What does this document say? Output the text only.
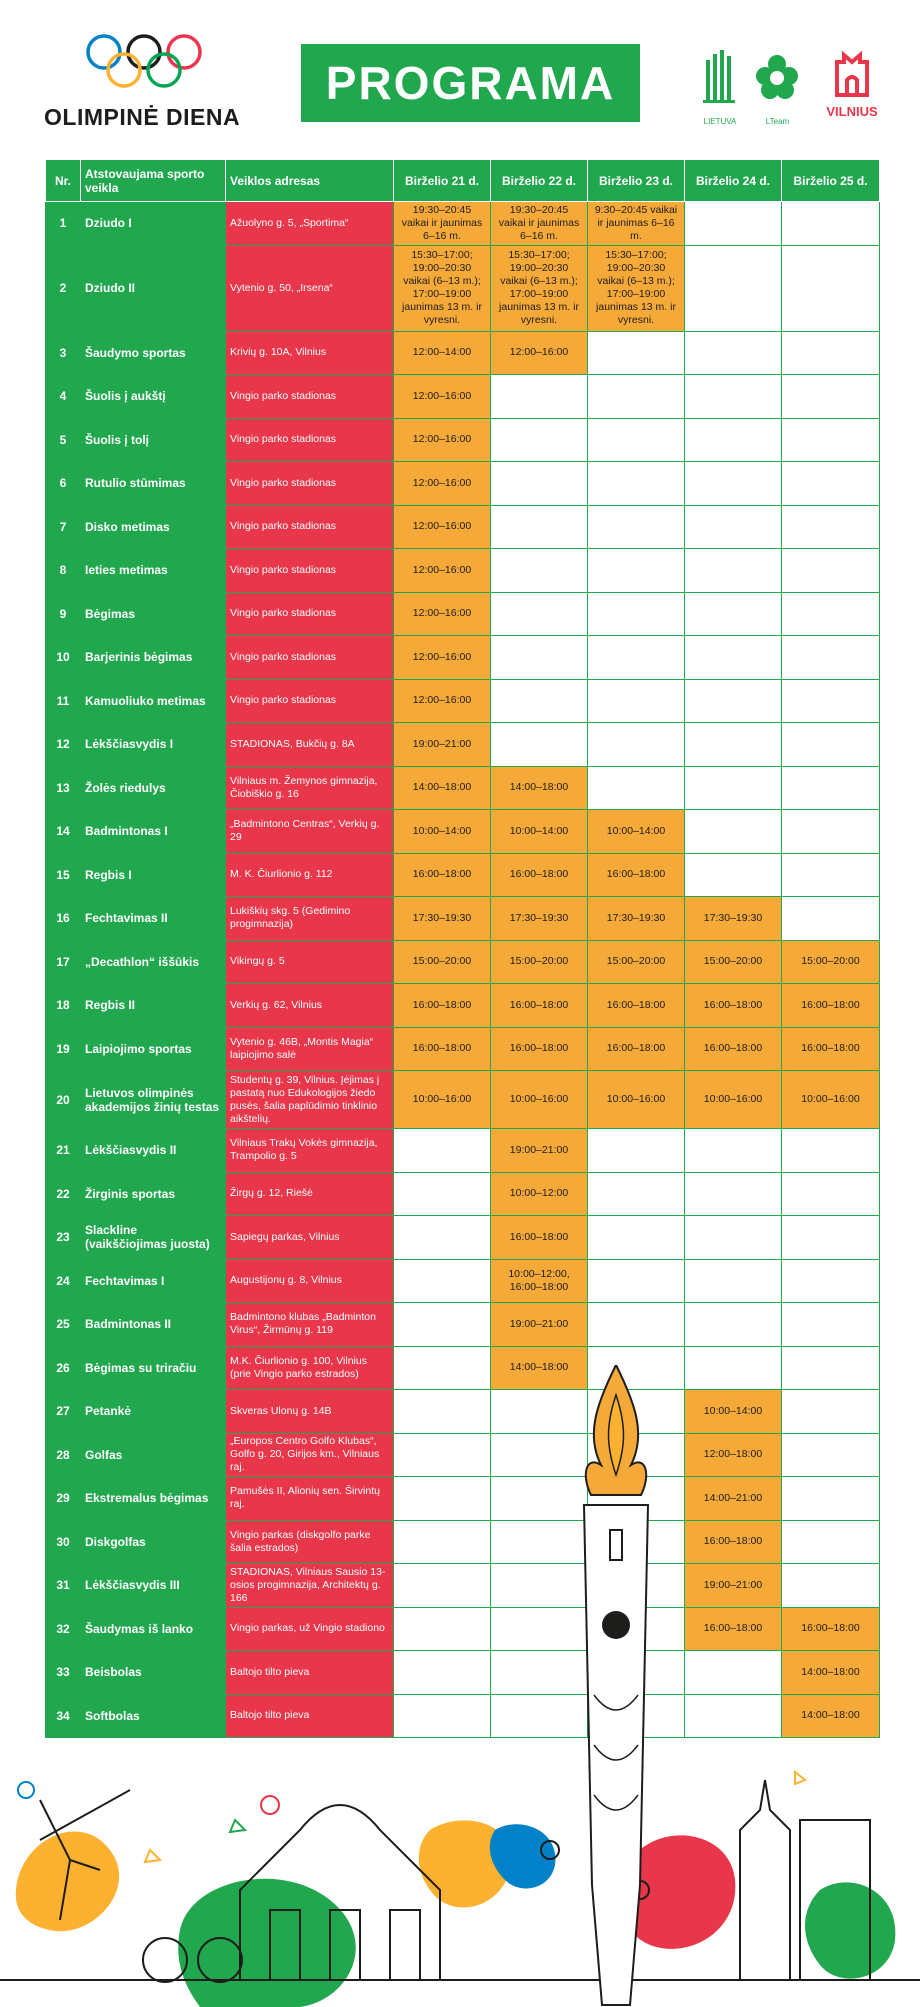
OLIMPINĖ DIENA
PROGRAMA
LIETUVA	LTeam
VILNIUS
Nr.	Atstovaujama sporto veikla	Veiklos adresas	Birželio 21 d.	Birželio 22 d.	Birželio 23 d.	Birželio 24 d.	Birželio 25 d.
1	Dziudo I	Ažuolyno g. 5, „Sportima“	19:30–20:45 vaikai ir jaunimas 6–16 m.	19:30–20:45 vaikai ir jaunimas 6–16 m.	9:30–20:45 vaikai ir jaunimas 6–16 m.		
2	Dziudo II	Vytenio g. 50, „Irsena“	15:30–17:00; 19:00–20:30 vaikai (6–13 m.); 17:00–19:00 jaunimas 13 m. ir vyresni.	15:30–17:00; 19:00–20:30 vaikai (6–13 m.); 17:00–19:00 jaunimas 13 m. ir vyresni.	15:30–17:00; 19:00–20:30 vaikai (6–13 m.); 17:00–19:00 jaunimas 13 m. ir vyresni.		
3	Šaudymo sportas	Krivių g. 10A, Vilnius	12:00–14:00	12:00–16:00			
4	Šuolis į aukštį	Vingio parko stadionas	12:00–16:00				
5	Šuolis į tolį	Vingio parko stadionas	12:00–16:00				
6	Rutulio stūmimas	Vingio parko stadionas	12:00–16:00				
7	Disko metimas	Vingio parko stadionas	12:00–16:00				
8	Ieties metimas	Vingio parko stadionas	12:00–16:00				
9	Bėgimas	Vingio parko stadionas	12:00–16:00				
10	Barjerinis bėgimas	Vingio parko stadionas	12:00–16:00				
11	Kamuoliuko metimas	Vingio parko stadionas	12:00–16:00				
12	Lėkščiasvydis I	STADIONAS, Bukčių g. 8A	19:00–21:00				
13	Žolės riedulys	Vilniaus m. Žemynos gimnazija, Čiobiškio g. 16	14:00–18:00	14:00–18:00			
14	Badmintonas I	„Badmintono Centras“, Verkių g. 29	10:00–14:00	10:00–14:00	10:00–14:00		
15	Regbis I	M. K. Čiurlionio g. 112	16:00–18:00	16:00–18:00	16:00–18:00		
16	Fechtavimas II	Lukiškių skg. 5 (Gedimino progimnazija)	17:30–19:30	17:30–19:30	17:30–19:30	17:30–19:30	
17	„Decathlon“ iššūkis	Vikingų g. 5	15:00–20:00	15:00–20:00	15:00–20:00	15:00–20:00	15:00–20:00
18	Regbis II	Verkių g. 62, Vilnius	16:00–18:00	16:00–18:00	16:00–18:00	16:00–18:00	16:00–18:00
19	Laipiojimo sportas	Vytenio g. 46B, „Montis Magia“ laipiojimo salė	16:00–18:00	16:00–18:00	16:00–18:00	16:00–18:00	16:00–18:00
20	Lietuvos olimpinės akademijos žinių testas	Studentų g. 39, Vilnius. Įėjimas į pastatą nuo Edukologijos žiedo pusės, šalia paplūdimio tinklinio aikštelių.	10:00–16:00	10:00–16:00	10:00–16:00	10:00–16:00	10:00–16:00
21	Lėkščiasvydis II	Vilniaus Trakų Vokės gimnazija, Trampolio g. 5		19:00–21:00			
22	Žirginis sportas	Žirgų g. 12, Riešė		10:00–12:00			
23	Slackline (vaikščiojimas juosta)	Sapiegų parkas, Vilnius		16:00–18:00			
24	Fechtavimas I	Augustijonų g. 8, Vilnius		10:00–12:00, 16:00–18:00			
25	Badmintonas II	Badmintono klubas „Badminton Virus“, Žirmūnų g. 119		19:00–21:00			
26	Bėgimas su triračiu	M.K. Čiurlionio g. 100, Vilnius (prie Vingio parko estrados)		14:00–18:00			
27	Petankė	Skveras Ulonų g. 14B				10:00–14:00	
28	Golfas	„Europos Centro Golfo Klubas“, Golfo g. 20, Girijos km., Vilniaus raj.				12:00–18:00	
29	Ekstremalus bėgimas	Pamušės II, Alionių sen. Širvintų raj.				14:00–21:00	
30	Diskgolfas	Vingio parkas (diskgolfo parke šalia estrados)				16:00–18:00	
31	Lėkščiasvydis III	STADIONAS, Vilniaus Sausio 13-osios progimnazija, Architektų g. 166				19:00–21:00	
32	Šaudymas iš lanko	Vingio parkas, už Vingio stadiono				16:00–18:00	16:00–18:00
33	Beisbolas	Baltojo tilto pieva					14:00–18:00
34	Softbolas	Baltojo tilto pieva					14:00–18:00
